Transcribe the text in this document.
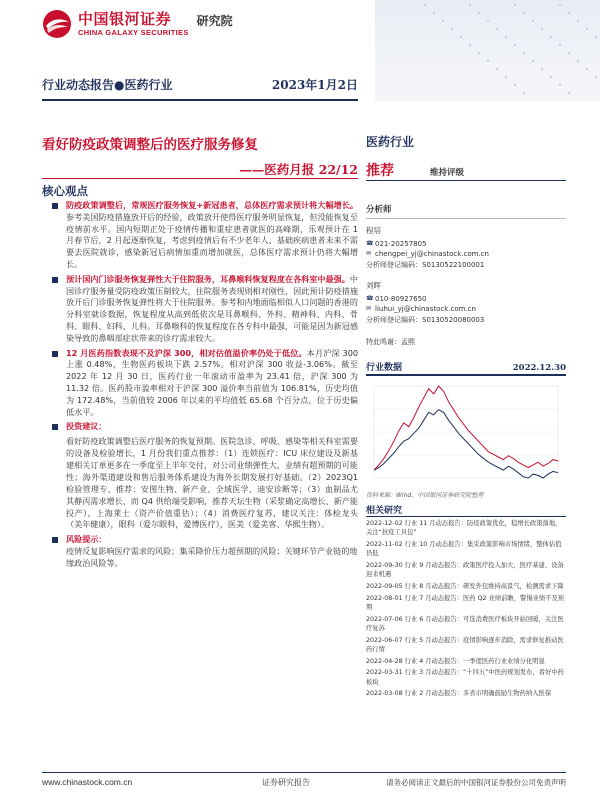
中国银河证券
CHINA GALAXY SECURITIES
研究院
行业动态报告●医药行业	2023年1月2日
看好防疫政策调整后的医疗服务修复
——医药月报 22/12
核心观点
防疫政策调整后，常规医疗服务恢复+新冠患者，总体医疗需求预计将大幅增长。参考美国防疫措施放开后的经验，政策放开使得医疗服务明显恢复，但没能恢复至疫情前水平。国内短期正处于疫情传播和重症患者就医的高峰期，乐观预计在 1 月春节后，2 月起逐渐恢复，考虑到疫情后有不少老年人、基础疾病患者未来不需要去医院就诊，感染新冠后病情加重而增加就医，总体医疗需求预计仍将大幅增长。
预计国内门诊服务恢复弹性大于住院服务，耳鼻喉科恢复程度在各科室中最强。中国诊疗服务量受防疫政策压制较大，住院服务表现则相对刚性，因此预计防疫措施放开后门诊服务恢复弹性将大于住院服务。参考和内地面临相似人口问题的香港的分科室就诊数据，恢复程度从高到低依次是耳鼻喉科、外科、精神科、内科、骨科、眼科、妇科、儿科。耳鼻喉科的恢复程度在各专科中最强，可能是因为新冠感染导致的鼻咽部症状带来的诊疗需求较大。
12 月医药指数表现不及沪深 300，相对估值溢价率仍处于低位。本月沪深 300 上涨 0.48%，生物医药板块下跌 2.57%。相对沪深 300 收益-3.06%。截至 2022 年 12 月 30 日，医药行业一年滚动市盈率为 23.41 倍，沪深 300 为 11.32 倍。医药股市盈率相对于沪深 300 溢价率当前值为 106.81%，历史均值为 172.48%，当前值较 2006 年以来的平均值低 65.68 个百分点，位于历史偏低水平。
投资建议：
看好防疫政策调整后医疗服务的恢复预期。医院急诊、呼吸、感染等相关科室需要的设备及检验增长，1 月份我们重点推荐：（1）连锁医疗：ICU 床位建设及新基建相关订单更多在一季度至上半年交付，对公司业绩弹性大，业绩有超预期的可能性；海外渠道建设和售后服务体系建设为海外长期发展打好基础。（2）2023Q1 检验管理专、推荐：安图生物、新产业、全域医学、迪安诊断等；（3）血制品尤其静丙需求增长、而 Q4 供给端受影响，推荐天坛生物（采浆确定高增长、新产能投产），上海莱士（资产价值重估）；（4）消费医疗复苏，建议关注：体检龙头（美年健康），眼科（爱尔眼科，爱博医疗），医美（爱美客、华熙生物）。
风险提示：
疫情反复影响医疗需求的风险；集采降价压力超预期的风险；关键环节产业链的地缘政治风险等。
医药行业
推荐	维持评级
分析师
程培
☎ 021-20257805
✉ chengpei_yj@chinastock.com.cn
分析师登记编码：S0130522100001
刘晖
☎ 010-80927650
✉ liuhui_yj@chinastock.com.cn
分析师登记编码：S0130520080003
特此鸣谢：孟熙
行业数据	2022.12.30
资料来源：Wind，中国银河证券研究院整理
相关研究
2022-12-02 行业 11 月动态报告：防疫政策优化，稳增长政策落地，关注“抗疫工具包”
2022-11-02 行业 10 月动态报告：集采政策影响市场情绪，整体估值仍低
2022-09-30 行业 9 月动态报告：政策医疗投入加大，医疗基建、设备迎来机遇
2022-09-05 行业 8 月动态报告：研发外包维持高景气，检测需求下降
2022-08-01 行业 7 月动态报告：医药 Q2 业绩前瞻，警惕业绩不及预期
2022-07-06 行业 6 月动态报告：可选消费医疗板块开始回暖，关注医疗复苏
2022-06-07 行业 5 月动态报告：疫情影响逐步消除，需求修复推动医药行情
2022-04-28 行业 4 月动态报告：一季度医药行业业绩分化明显
2022-03-31 行业 3 月动态报告：“十四五”中医药规划发布，看好中药板块
2022-03-08 行业 2 月动态报告：多省市明确鼓励生物药纳入医保
www.chinastock.com.cn	证券研究报告	请务必阅读正文最后的中国银河证券股份公司免责声明
